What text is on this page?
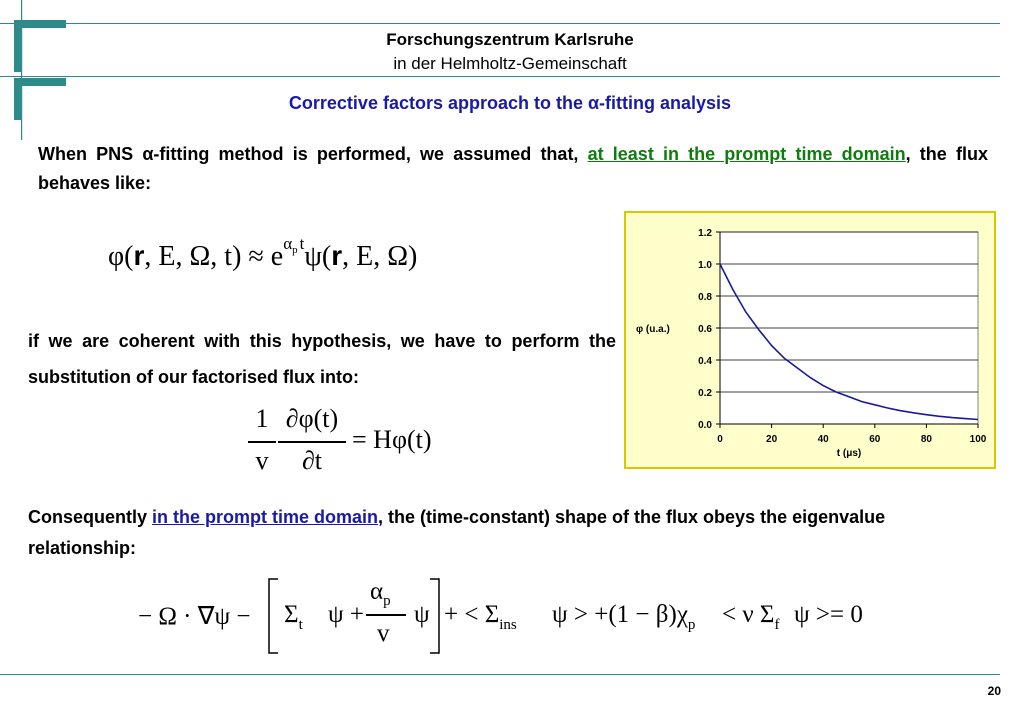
Forschungszentrum Karlsruhe
in der Helmholtz-Gemeinschaft
Corrective factors approach to the α-fitting analysis
When PNS α-fitting method is performed, we assumed that, at least in the prompt time domain, the flux behaves like:
φ(r, E, Ω, $t) \approx e^{\alpha_p t}\psi(r$, E, Ω)
if we are coherent with this hypothesis, we have to perform the substitution of our factorised flux into:
1
v
∂φ(t)
∂t
= Hφ(t)
Consequently in the prompt time domain, the (time-constant) shape of the flux obeys the eigenvalue relationship:
− $\Omega \cdot \nabla\psi - \Sigma_t$ ψ +
$\alpha_p$
v
ψ + < $\Sigma_{ins}$ $\psi > +(1 - \beta)\chi_p < \nu$ $\Sigma_f$ ψ >= 0
0.0
0.2
0.4
0.6
0.8
1.0
1.2
0	20	40	60	80	100
t (μs)
φ (u.a.)
20
